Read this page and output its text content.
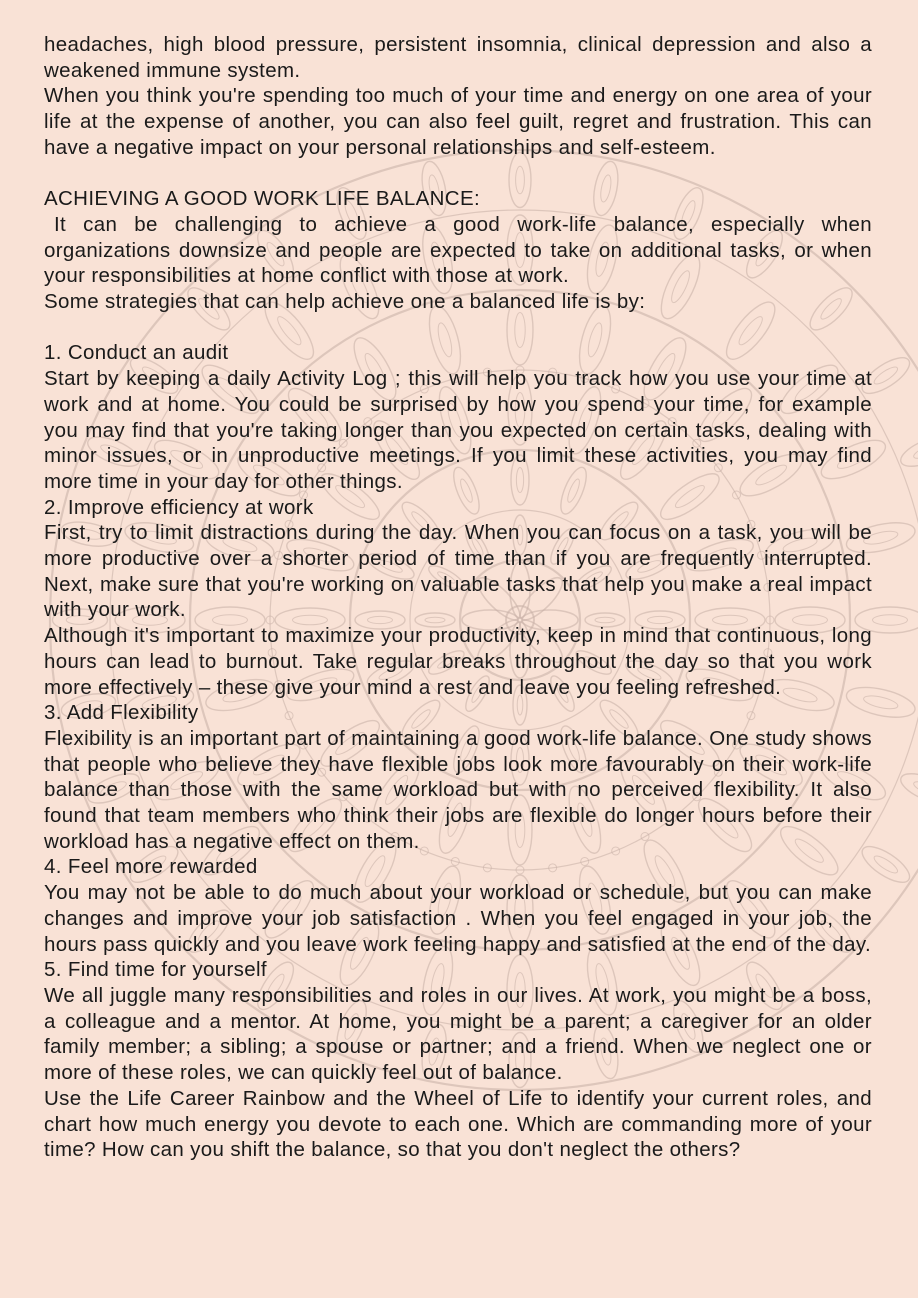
headaches, high blood pressure, persistent insomnia, clinical depression and also a weakened immune system.

When you think you're spending too much of your time and energy on one area of your life at the expense of another, you can also feel guilt, regret and frustration. This can have a negative impact on your personal relationships and self-esteem.

ACHIEVING A GOOD WORK LIFE BALANCE:

It can be challenging to achieve a good work-life balance, especially when organizations downsize and people are expected to take on additional tasks, or when your responsibilities at home conflict with those at work.

Some strategies that can help achieve one a balanced life is by:

1. Conduct an audit

Start by keeping a daily Activity Log ; this will help you track how you use your time at work and at home. You could be surprised by how you spend your time, for example you may find that you're taking longer than you expected on certain tasks, dealing with minor issues, or in unproductive meetings. If you limit these activities, you may find more time in your day for other things.

2. Improve efficiency at work

First, try to limit distractions during the day. When you can focus on a task, you will be more productive over a shorter period of time than if you are frequently interrupted. Next, make sure that you're working on valuable tasks that help you make a real impact with your work.

Although it's important to maximize your productivity, keep in mind that continuous, long hours can lead to burnout. Take regular breaks throughout the day so that you work more effectively – these give your mind a rest and leave you feeling refreshed.

3. Add Flexibility

Flexibility is an important part of maintaining a good work-life balance. One study shows that people who believe they have flexible jobs look more favourably on their work-life balance than those with the same workload but with no perceived flexibility. It also found that team members who think their jobs are flexible do longer hours before their workload has a negative effect on them.

4. Feel more rewarded

You may not be able to do much about your workload or schedule, but you can make changes and improve your job satisfaction . When you feel engaged in your job, the hours pass quickly and you leave work feeling happy and satisfied at the end of the day.

5. Find time for yourself

We all juggle many responsibilities and roles in our lives. At work, you might be a boss, a colleague and a mentor. At home, you might be a parent; a caregiver for an older family member; a sibling; a spouse or partner; and a friend. When we neglect one or more of these roles, we can quickly feel out of balance.

Use the Life Career Rainbow and the Wheel of Life to identify your current roles, and chart how much energy you devote to each one. Which are commanding more of your time? How can you shift the balance, so that you don't neglect the others?
